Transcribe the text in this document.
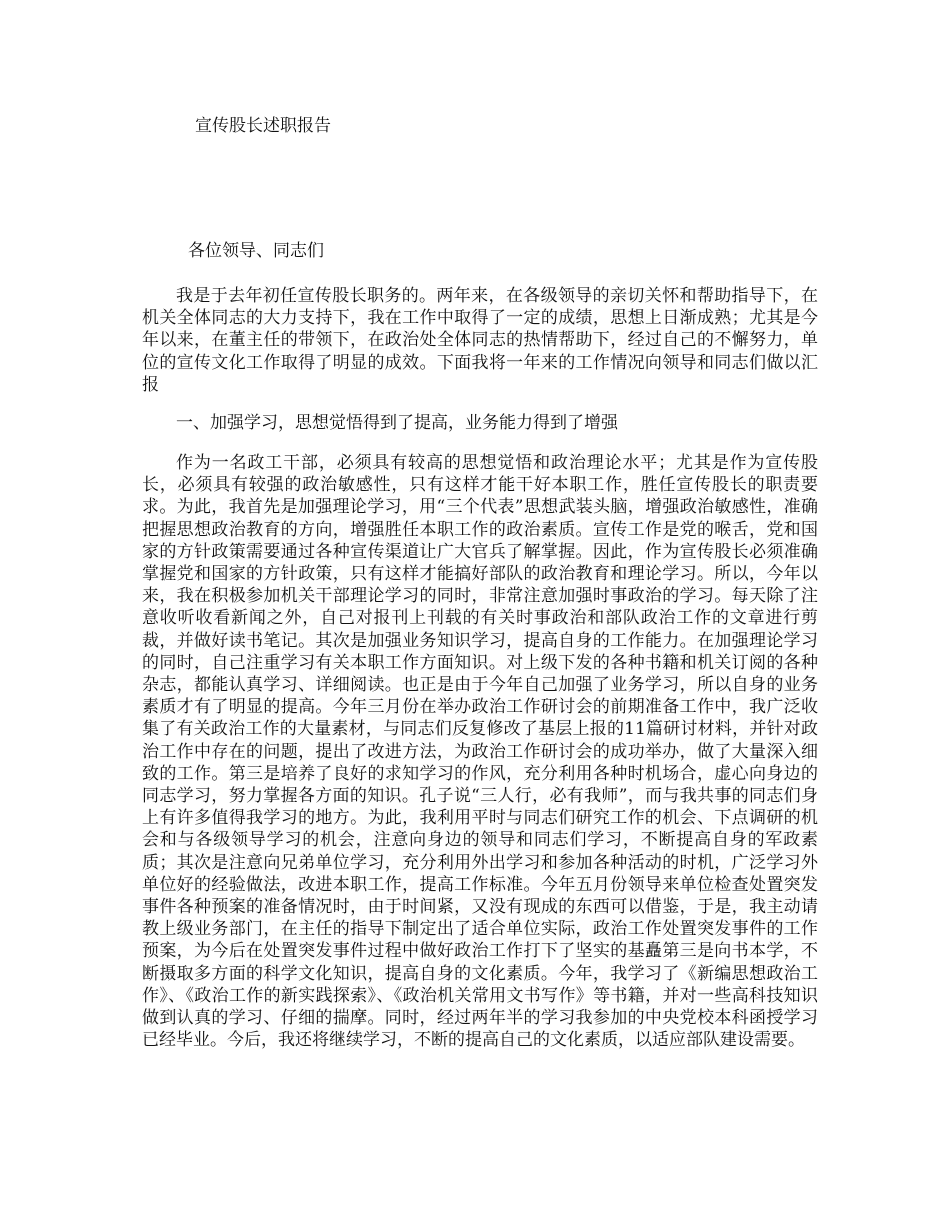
宣传股长述职报告
各位领导、同志们

我是于去年初任宣传股长职务的。两年来，在各级领导的亲切关怀和帮助指导下，在机关全体同志的大力支持下，我在工作中取得了一定的成绩，思想上日渐成熟；尤其是今年以来，在董主任的带领下，在政治处全体同志的热情帮助下，经过自己的不懈努力，单位的宣传文化工作取得了明显的成效。下面我将一年来的工作情况向领导和同志们做以汇报

一、加强学习，思想觉悟得到了提高，业务能力得到了增强

作为一名政工干部，必须具有较高的思想觉悟和政治理论水平；尤其是作为宣传股长，必须具有较强的政治敏感性，只有这样才能干好本职工作，胜任宣传股长的职责要求。为此，我首先是加强理论学习，用“三个代表”思想武装头脑，增强政治敏感性，准确把握思想政治教育的方向，增强胜任本职工作的政治素质。宣传工作是党的喉舌，党和国家的方针政策需要通过各种宣传渠道让广大官兵了解掌握。因此，作为宣传股长必须准确掌握党和国家的方针政策，只有这样才能搞好部队的政治教育和理论学习。所以，今年以来，我在积极参加机关干部理论学习的同时，非常注意加强时事政治的学习。每天除了注意收听收看新闻之外，自己对报刊上刊载的有关时事政治和部队政治工作的文章进行剪裁，并做好读书笔记。其次是加强业务知识学习，提高自身的工作能力。在加强理论学习的同时，自己注重学习有关本职工作方面知识。对上级下发的各种书籍和机关订阅的各种杂志，都能认真学习、详细阅读。也正是由于今年自己加强了业务学习，所以自身的业务素质才有了明显的提高。今年三月份在举办政治工作研讨会的前期准备工作中，我广泛收集了有关政治工作的大量素材，与同志们反复修改了基层上报的11篇研讨材料，并针对政治工作中存在的问题，提出了改进方法，为政治工作研讨会的成功举办，做了大量深入细致的工作。第三是培养了良好的求知学习的作风，充分利用各种时机场合，虚心向身边的同志学习，努力掌握各方面的知识。孔子说“三人行，必有我师”，而与我共事的同志们身上有许多值得我学习的地方。为此，我利用平时与同志们研究工作的机会、下点调研的机会和与各级领导学习的机会，注意向身边的领导和同志们学习，不断提高自身的军政素质；其次是注意向兄弟单位学习，充分利用外出学习和参加各种活动的时机，广泛学习外单位好的经验做法，改进本职工作，提高工作标准。今年五月份领导来单位检查处置突发事件各种预案的准备情况时，由于时间紧，又没有现成的东西可以借鉴，于是，我主动请教上级业务部门，在主任的指导下制定出了适合单位实际，政治工作处置突发事件的工作预案，为今后在处置突发事件过程中做好政治工作打下了坚实的基矗第三是向书本学，不断摄取多方面的科学文化知识，提高自身的文化素质。今年，我学习了《新编思想政治工作》、《政治工作的新实践探索》、《政治机关常用文书写作》等书籍，并对一些高科技知识做到认真的学习、仔细的揣摩。同时，经过两年半的学习我参加的中央党校本科函授学习已经毕业。今后，我还将继续学习，不断的提高自己的文化素质，以适应部队建设需要。
